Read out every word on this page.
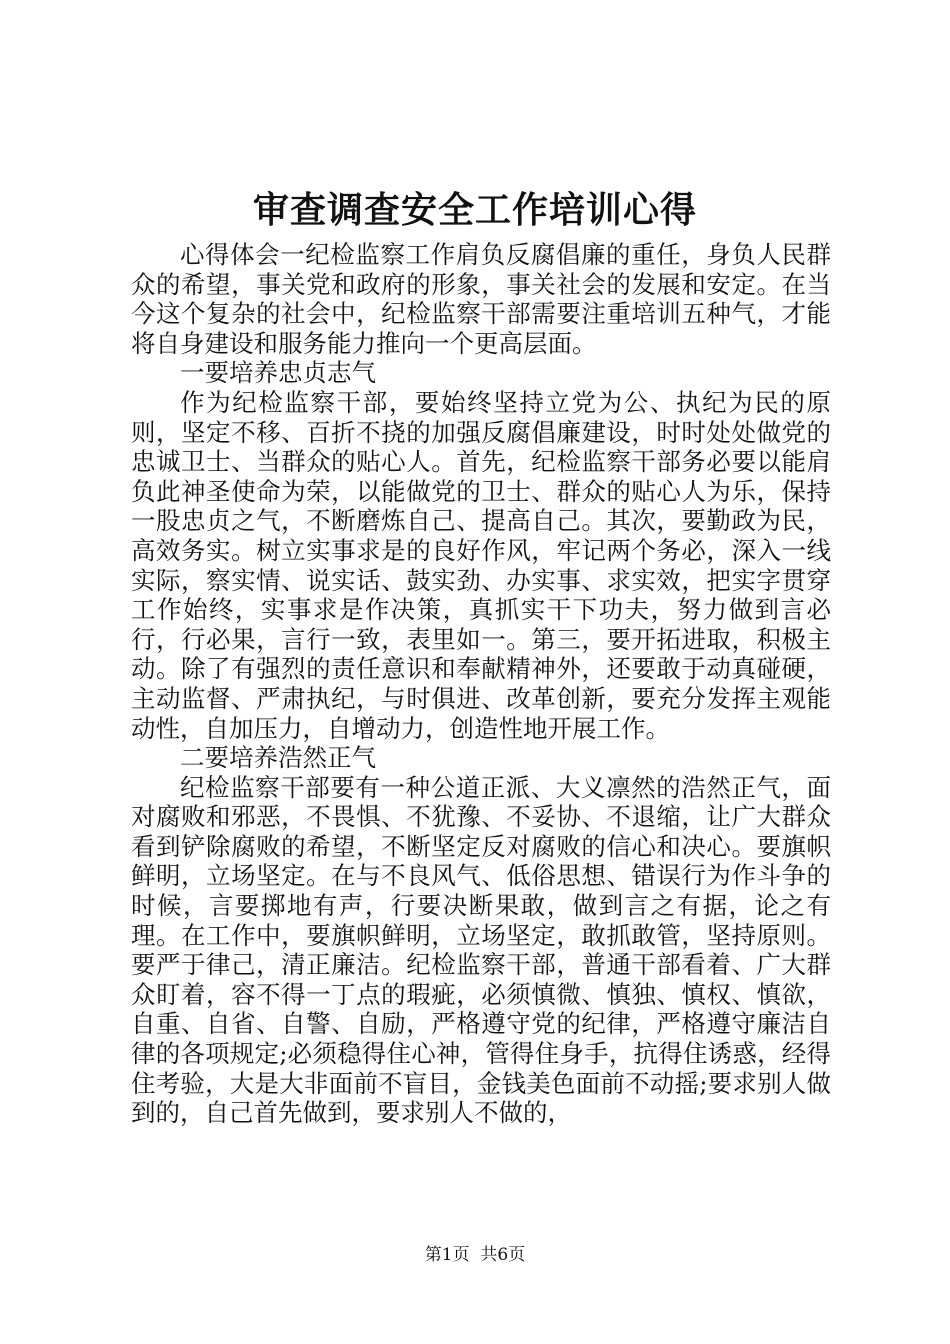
审查调查安全工作培训心得

心得体会一纪检监察工作肩负反腐倡廉的重任，身负人民群众的希望，事关党和政府的形象，事关社会的发展和安定。在当今这个复杂的社会中，纪检监察干部需要注重培训五种气，才能将自身建设和服务能力推向一个更高层面。

一要培养忠贞志气

作为纪检监察干部，要始终坚持立党为公、执纪为民的原则，坚定不移、百折不挠的加强反腐倡廉建设，时时处处做党的忠诚卫士、当群众的贴心人。首先，纪检监察干部务必要以能肩负此神圣使命为荣，以能做党的卫士、群众的贴心人为乐，保持一股忠贞之气，不断磨炼自己、提高自己。其次，要勤政为民，高效务实。树立实事求是的良好作风，牢记两个务必，深入一线实际，察实情、说实话、鼓实劲、办实事、求实效，把实字贯穿工作始终，实事求是作决策，真抓实干下功夫，努力做到言必行，行必果，言行一致，表里如一。第三，要开拓进取，积极主动。除了有强烈的责任意识和奉献精神外，还要敢于动真碰硬，主动监督、严肃执纪，与时俱进、改革创新，要充分发挥主观能动性，自加压力，自增动力，创造性地开展工作。

二要培养浩然正气

纪检监察干部要有一种公道正派、大义凛然的浩然正气，面对腐败和邪恶，不畏惧、不犹豫、不妥协、不退缩，让广大群众看到铲除腐败的希望，不断坚定反对腐败的信心和决心。要旗帜鲜明，立场坚定。在与不良风气、低俗思想、错误行为作斗争的时候，言要掷地有声，行要决断果敢，做到言之有据，论之有理。在工作中，要旗帜鲜明，立场坚定，敢抓敢管，坚持原则。要严于律己，清正廉洁。纪检监察干部，普通干部看着、广大群众盯着，容不得一丁点的瑕疵，必须慎微、慎独、慎权、慎欲，自重、自省、自警、自励，严格遵守党的纪律，严格遵守廉洁自律的各项规定;必须稳得住心神，管得住身手，抗得住诱惑，经得住考验，大是大非面前不盲目，金钱美色面前不动摇;要求别人做到的，自己首先做到，要求别人不做的，

第1页 共6页
